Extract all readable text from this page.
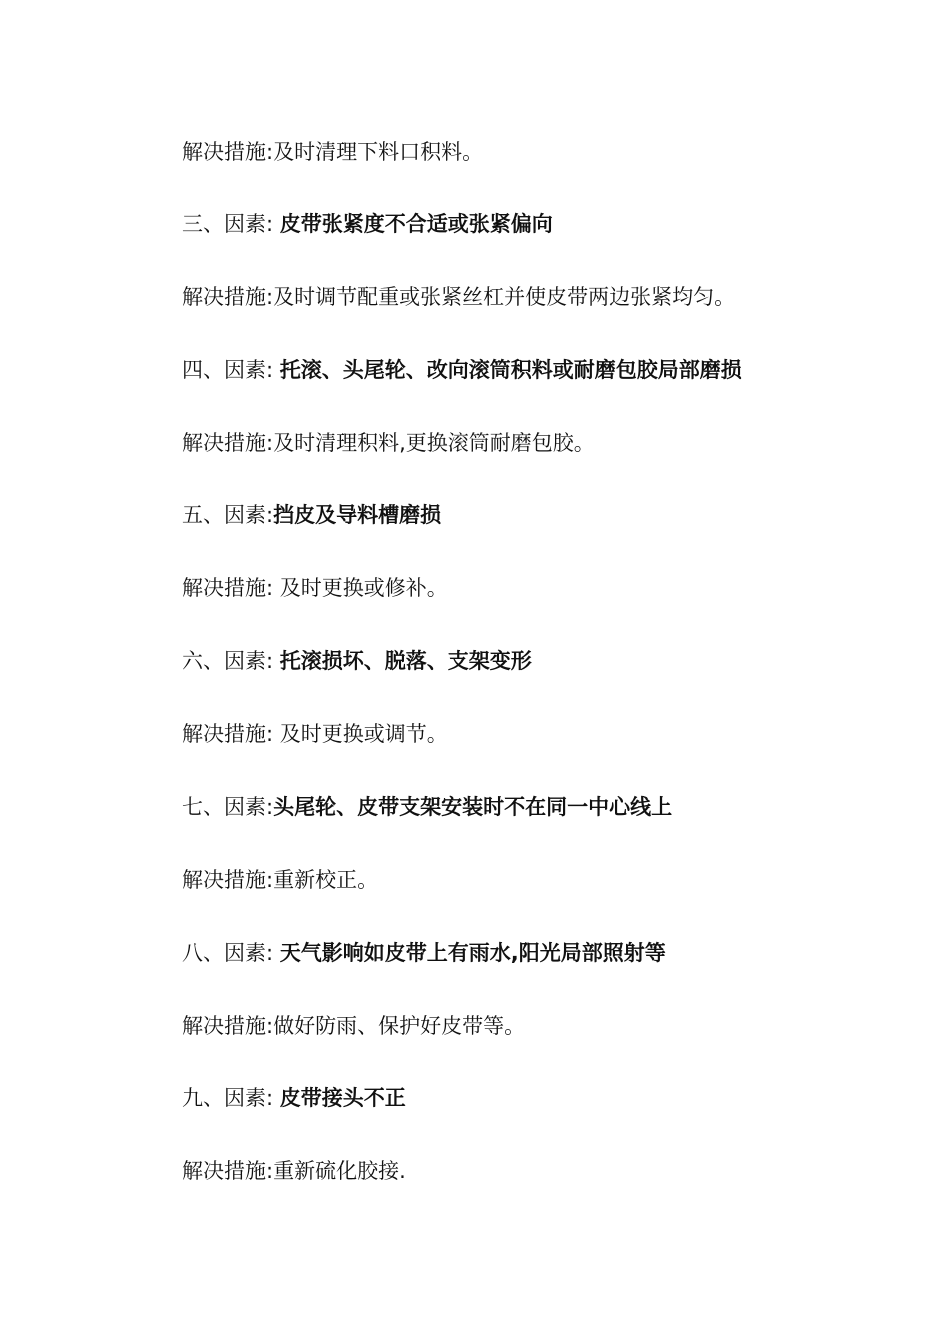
解决措施:及时清理下料口积料。
三、因素: 皮带张紧度不合适或张紧偏向
解决措施:及时调节配重或张紧丝杠并使皮带两边张紧均匀。
四、因素: 托滚、头尾轮、改向滚筒积料或耐磨包胶局部磨损
解决措施:及时清理积料,更换滚筒耐磨包胶。
五、因素:挡皮及导料槽磨损
解决措施: 及时更换或修补。
六、因素: 托滚损坏、脱落、支架变形
解决措施: 及时更换或调节。
七、因素:头尾轮、皮带支架安装时不在同一中心线上
解决措施:重新校正。
八、因素: 天气影响如皮带上有雨水,阳光局部照射等
解决措施:做好防雨、保护好皮带等。
九、因素: 皮带接头不正
解决措施:重新硫化胶接.
